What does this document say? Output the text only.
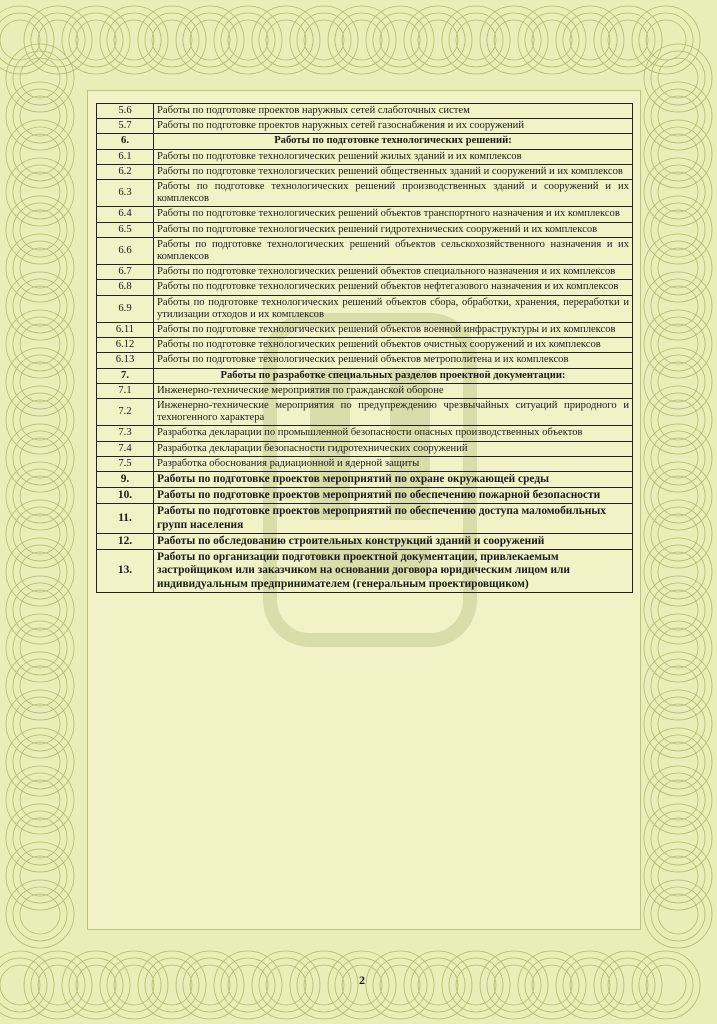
5.6	Работы по подготовке проектов наружных сетей слаботочных систем
5.7	Работы по подготовке проектов наружных сетей газоснабжения и их сооружений
6.	Работы по подготовке технологических решений:
6.1	Работы по подготовке технологических решений жилых зданий и их комплексов
6.2	Работы по подготовке технологических решений общественных зданий и сооружений и их комплексов
6.3	Работы по подготовке технологических решений производственных зданий и сооружений и их комплексов
6.4	Работы по подготовке технологических решений объектов транспортного назначения и их комплексов
6.5	Работы по подготовке технологических решений гидротехнических сооружений и их комплексов
6.6	Работы по подготовке технологических решений объектов сельскохозяйственного назначения и их комплексов
6.7	Работы по подготовке технологических решений объектов специального назначения и их комплексов
6.8	Работы по подготовке технологических решений объектов нефтегазового назначения и их комплексов
6.9	Работы по подготовке технологических решений объектов сбора, обработки, хранения, переработки и утилизации отходов и их комплексов
6.11	Работы по подготовке технологических решений объектов военной инфраструктуры и их комплексов
6.12	Работы по подготовке технологических решений объектов очистных сооружений и их комплексов
6.13	Работы по подготовке технологических решений объектов метрополитена и их комплексов
7.	Работы по разработке специальных разделов проектной документации:
7.1	Инженерно-технические мероприятия по гражданской обороне
7.2	Инженерно-технические мероприятия по предупреждению чрезвычайных ситуаций природного и техногенного характера
7.3	Разработка декларации по промышленной безопасности опасных производственных объектов
7.4	Разработка декларации безопасности гидротехнических сооружений
7.5	Разработка обоснования радиационной и ядерной защиты
9.	Работы по подготовке проектов мероприятий по охране окружающей среды
10.	Работы по подготовке проектов мероприятий по обеспечению пожарной безопасности
11.	Работы по подготовке проектов мероприятий по обеспечению доступа маломобильных групп населения
12.	Работы по обследованию строительных конструкций зданий и сооружений
13.	Работы по организации подготовки проектной документации, привлекаемым застройщиком или заказчиком на основании договора юридическим лицом или индивидуальным предпринимателем (генеральным проектировщиком)
2
